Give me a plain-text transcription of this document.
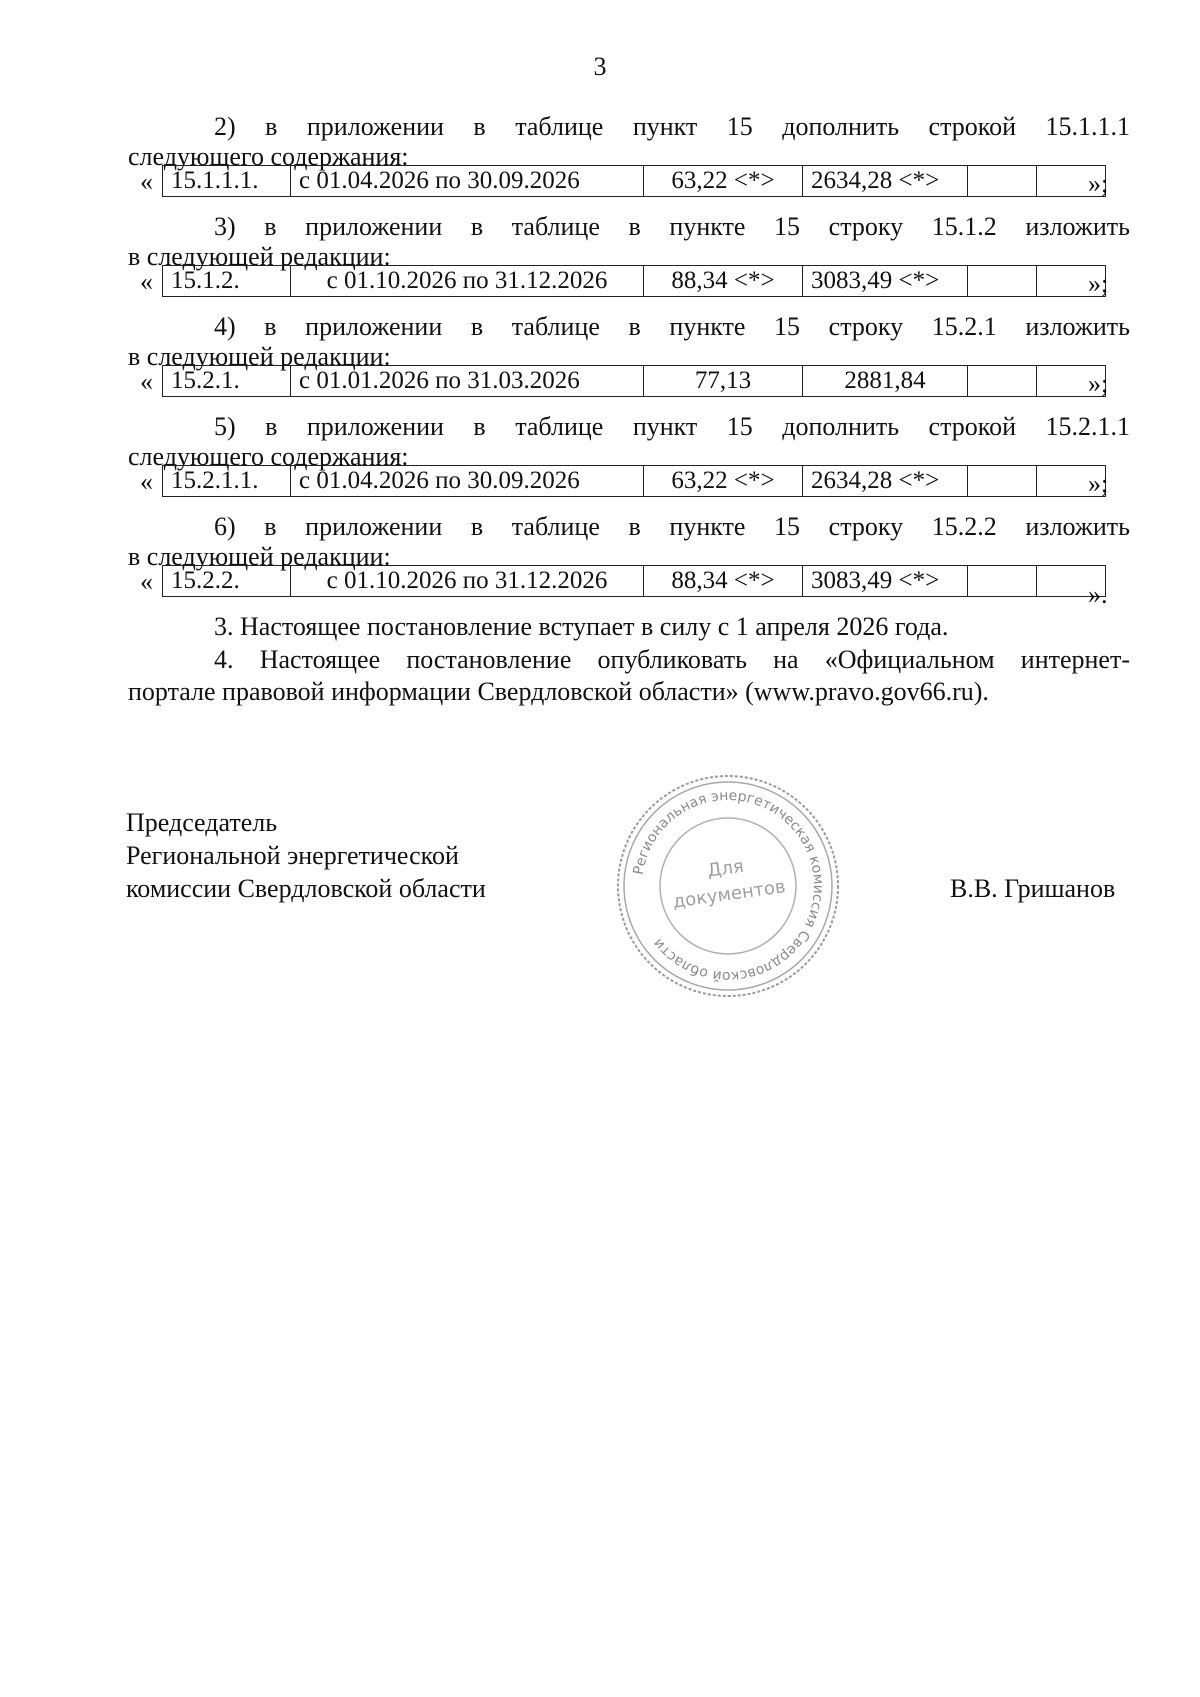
3

2) в приложении в таблице пункт 15 дополнить строкой 15.1.1.1
следующего содержания:

« 15.1.1.1.	с 01.04.2026 по 30.09.2026	63,22 <*>	2634,28 <*>			»;

3) в приложении в таблице в пункте 15 строку 15.1.2 изложить
в следующей редакции:

« 15.1.2.	с 01.10.2026 по 31.12.2026	88,34 <*>	3083,49 <*>			»;

4) в приложении в таблице в пункте 15 строку 15.2.1 изложить
в следующей редакции:

« 15.2.1.	с 01.01.2026 по 31.03.2026	77,13	2881,84			»;

5) в приложении в таблице пункт 15 дополнить строкой 15.2.1.1
следующего содержания:

« 15.2.1.1.	с 01.04.2026 по 30.09.2026	63,22 <*>	2634,28 <*>			»;

6) в приложении в таблице в пункте 15 строку 15.2.2 изложить
в следующей редакции:

« 15.2.2.	с 01.10.2026 по 31.12.2026	88,34 <*>	3083,49 <*>			».
3. Настоящее постановление вступает в силу с 1 апреля 2026 года.
4. Настоящее постановление опубликовать на «Официальном интернет-
портале правовой информации Свердловской области» (www.pravo.gov66.ru).
Председатель
Региональной энергетической
комиссии Свердловской области
Региональная энергетическая комиссия Свердловской области
Для
документов	В.В. Гришанов
